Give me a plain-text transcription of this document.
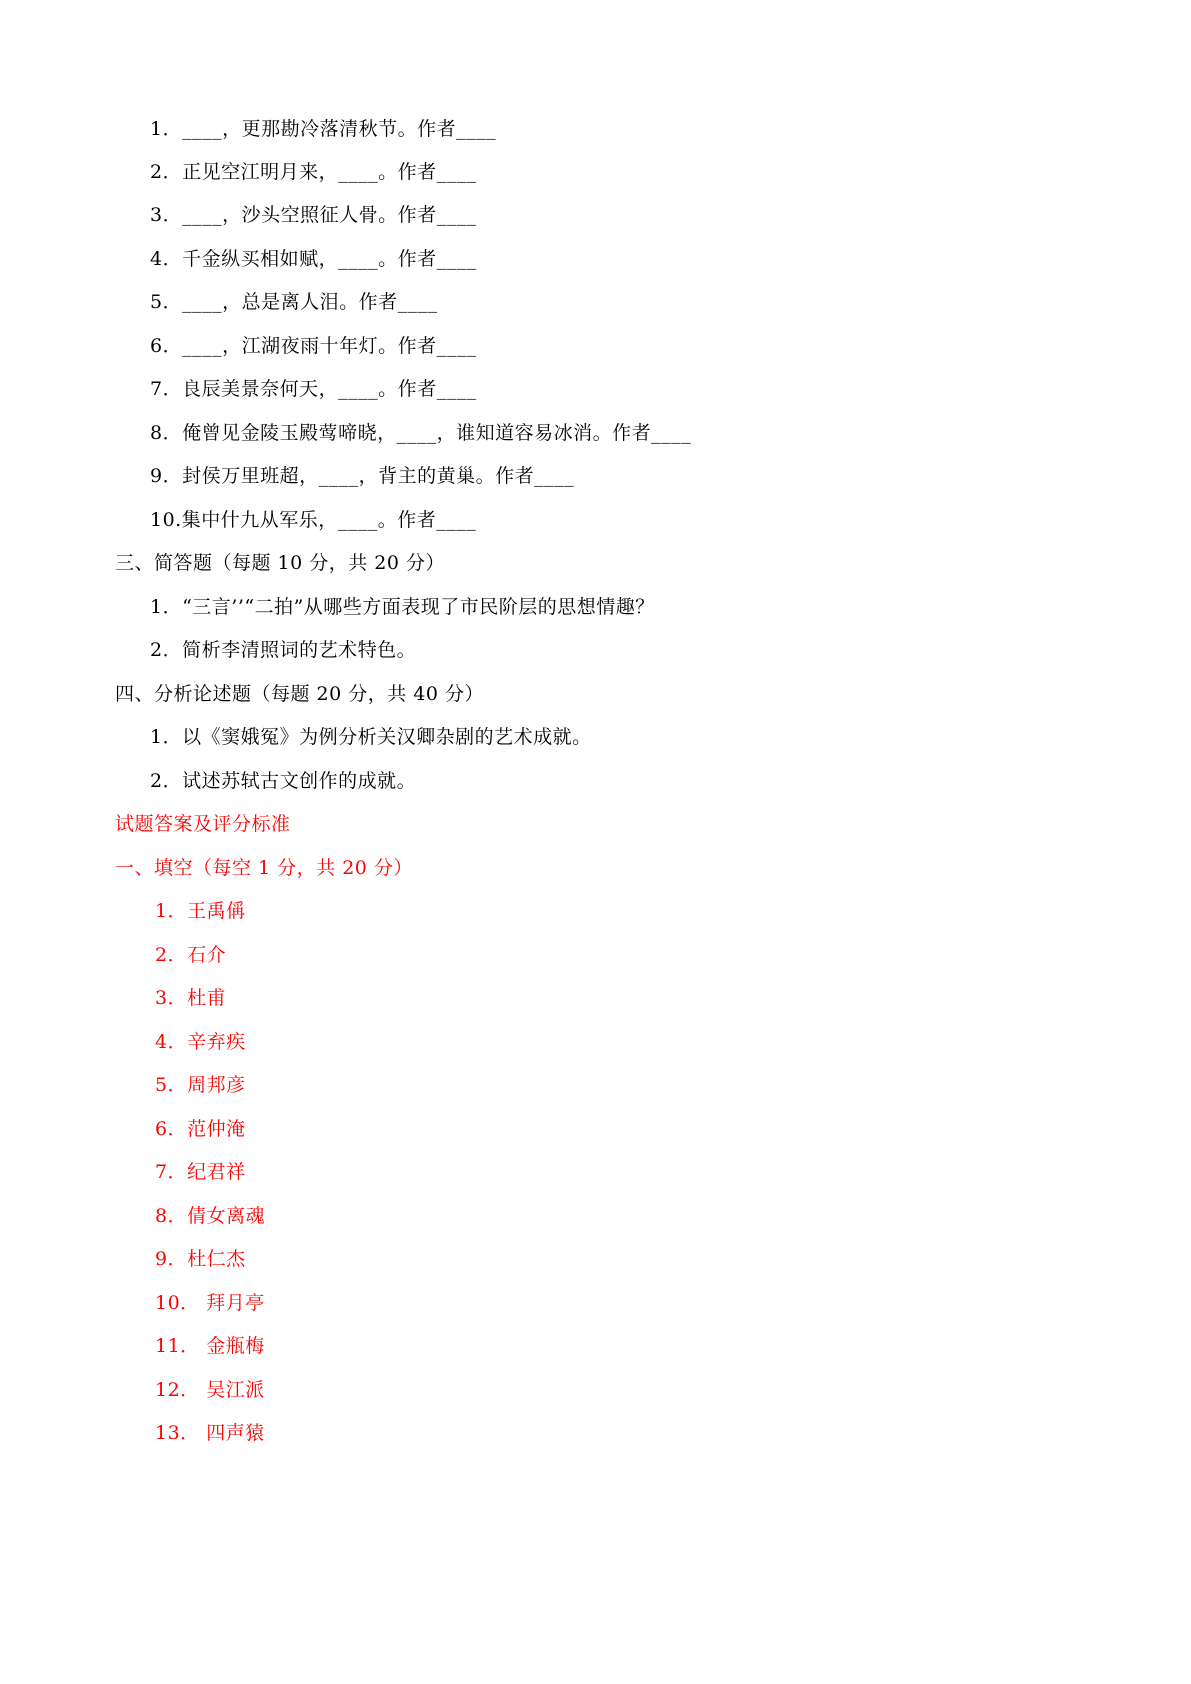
1．____，更那勘冷落清秋节。作者____
2．正见空江明月来，____。作者____
3．____，沙头空照征人骨。作者____
4．千金纵买相如赋，____。作者____
5．____，总是离人泪。作者____
6．____，江湖夜雨十年灯。作者____
7．良辰美景奈何天，____。作者____
8．俺曾见金陵玉殿莺啼晓，____，谁知道容易冰消。作者____
9．封侯万里班超，____，背主的黄巢。作者____
10.集中什九从军乐，____。作者____
三、简答题（每题 10 分，共 20 分）
1．“三言’’“二拍”从哪些方面表现了市民阶层的思想情趣？
2．简析李清照词的艺术特色。
四、分析论述题（每题 20 分，共 40 分）
1．以《窦娥冤》为例分析关汉卿杂剧的艺术成就。
2．试述苏轼古文创作的成就。
试题答案及评分标准
一、填空（每空 1 分，共 20 分）
1．王禹偁
2．石介
3．杜甫
4．辛弃疾
5．周邦彦
6．范仲淹
7．纪君祥
8．倩女离魂
9．杜仁杰
10． 拜月亭
11． 金瓶梅
12． 吴江派
13． 四声猿
